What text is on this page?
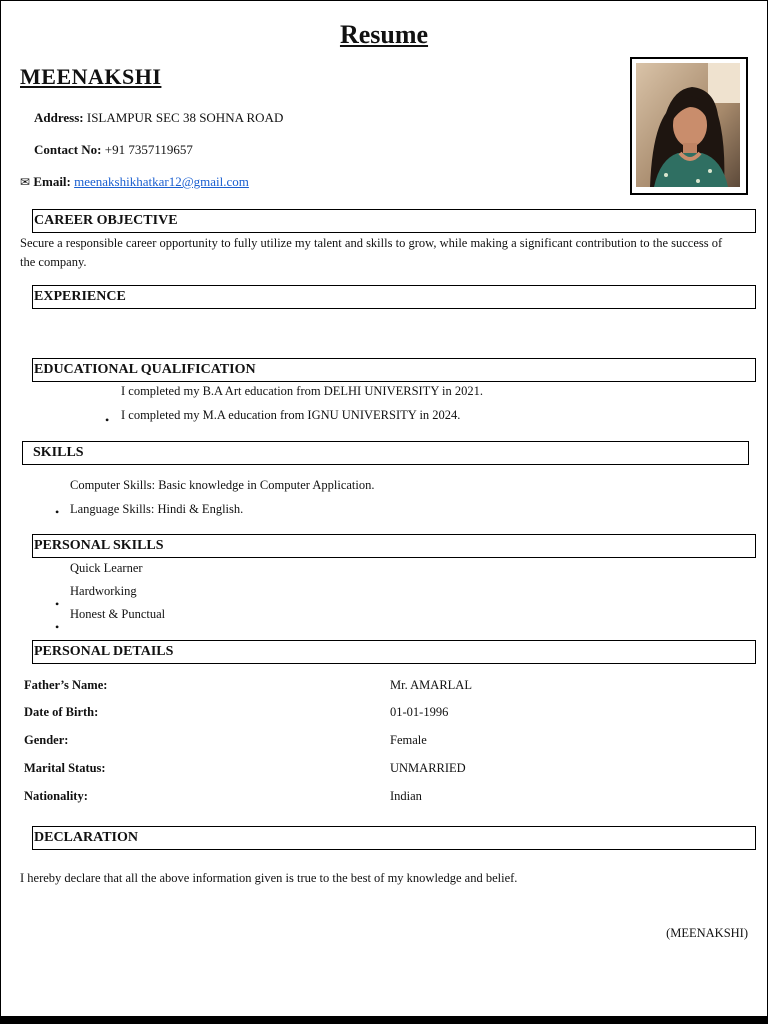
Resume
MEENAKSHI
Address: ISLAMPUR SEC 38 SOHNA ROAD
Contact No: +91 7357119657
✉ Email: meenakshikhatkar12@gmail.com
CAREER OBJECTIVE
Secure a responsible career opportunity to fully utilize my talent and skills to grow, while making a significant contribution to the success of the company.
EXPERIENCE
EDUCATIONAL QUALIFICATION
I completed my B.A Art education from DELHI UNIVERSITY in 2021.
I completed my M.A education from IGNU UNIVERSITY in 2024.
•
SKILLS
Computer Skills: Basic knowledge in Computer Application.
Language Skills: Hindi & English.
•
PERSONAL SKILLS
Quick Learner
Hardworking
Honest & Punctual
•
•
PERSONAL DETAILS
Father’s Name:	Mr. AMARLAL
Date of Birth:	01-01-1996
Gender:	Female
Marital Status:	UNMARRIED
Nationality:	Indian
DECLARATION
I hereby declare that all the above information given is true to the best of my knowledge and belief.
(MEENAKSHI)
